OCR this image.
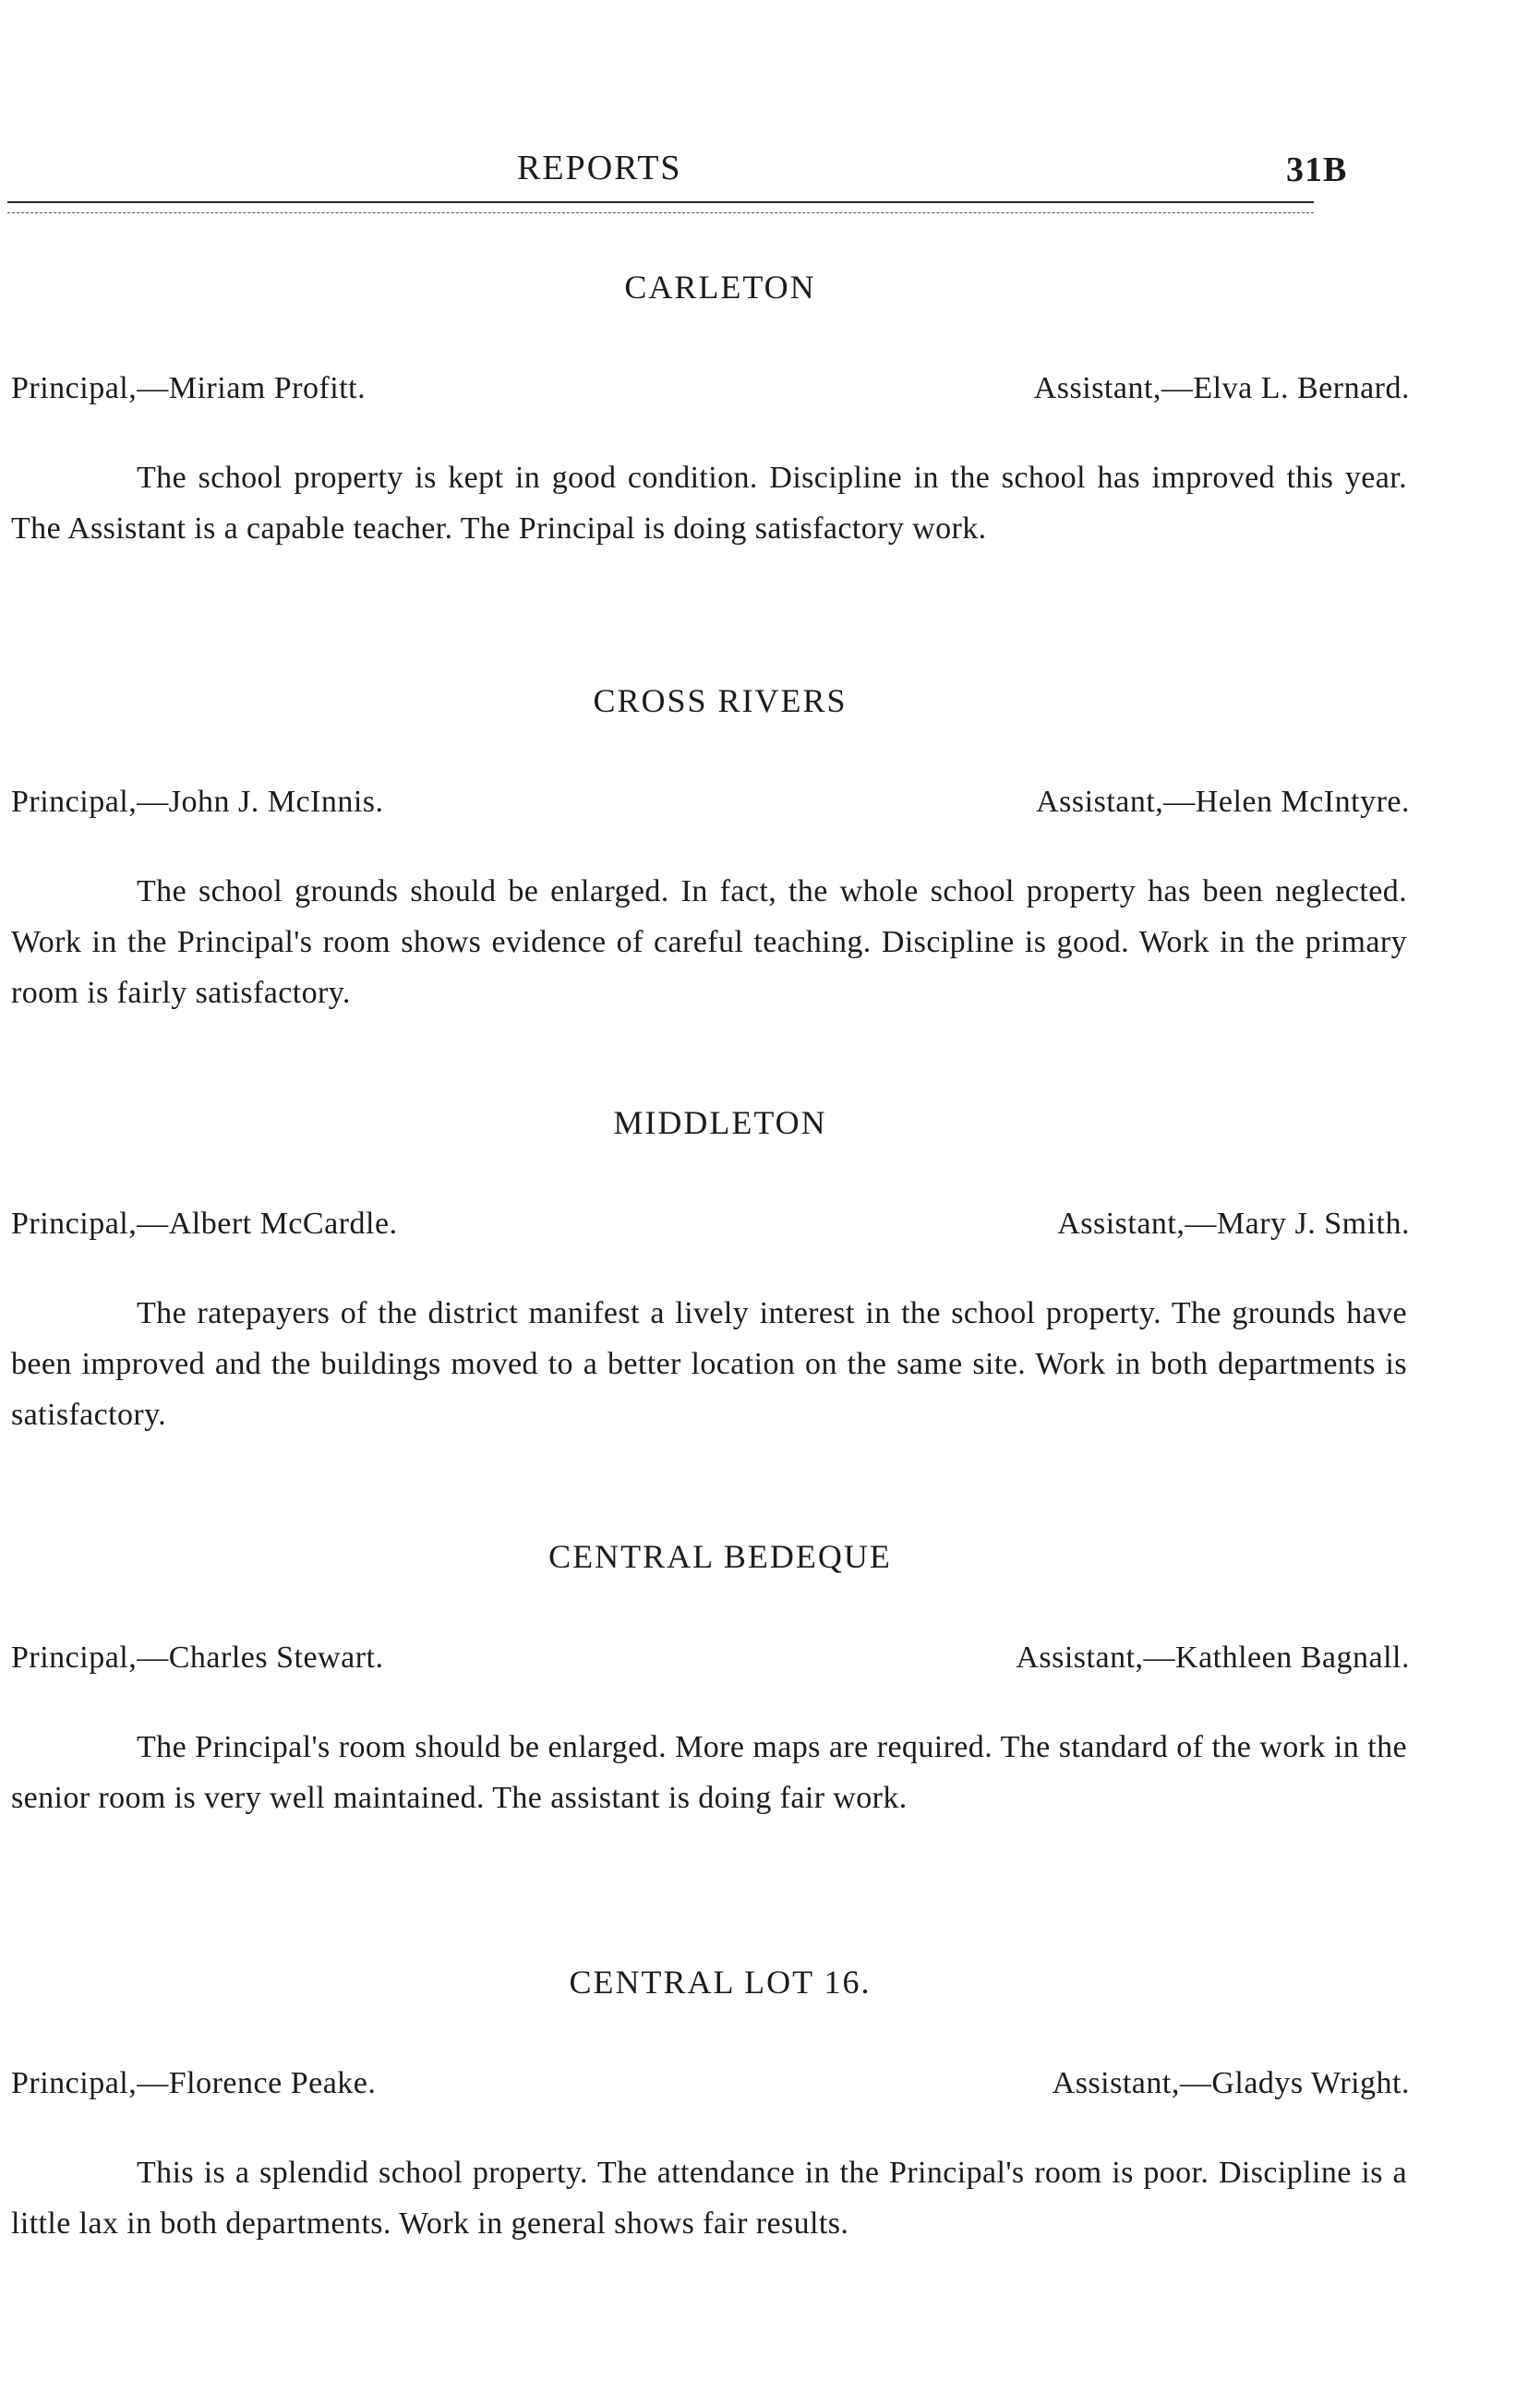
REPORTS	31B
CARLETON
Principal,—Miriam Profitt.	Assistant,—Elva L. Bernard.

The school property is kept in good condition. Discipline in the school has improved this year. The Assistant is a capable teacher. The Principal is doing satisfactory work.

CROSS RIVERS
Principal,—John J. McInnis.	Assistant,—Helen McIntyre.

The school grounds should be enlarged. In fact, the whole school property has been neglected. Work in the Principal's room shows evidence of careful teaching. Discipline is good. Work in the primary room is fairly satisfactory.

MIDDLETON
Principal,—Albert McCardle.	Assistant,—Mary J. Smith.

The ratepayers of the district manifest a lively interest in the school property. The grounds have been improved and the buildings moved to a better location on the same site. Work in both departments is satisfactory.

CENTRAL BEDEQUE
Principal,—Charles Stewart.	Assistant,—Kathleen Bagnall.

The Principal's room should be enlarged. More maps are required. The standard of the work in the senior room is very well maintained. The assistant is doing fair work.

CENTRAL LOT 16.
Principal,—Florence Peake.	Assistant,—Gladys Wright.

This is a splendid school property. The attendance in the Principal's room is poor. Discipline is a little lax in both departments. Work in general shows fair results.
